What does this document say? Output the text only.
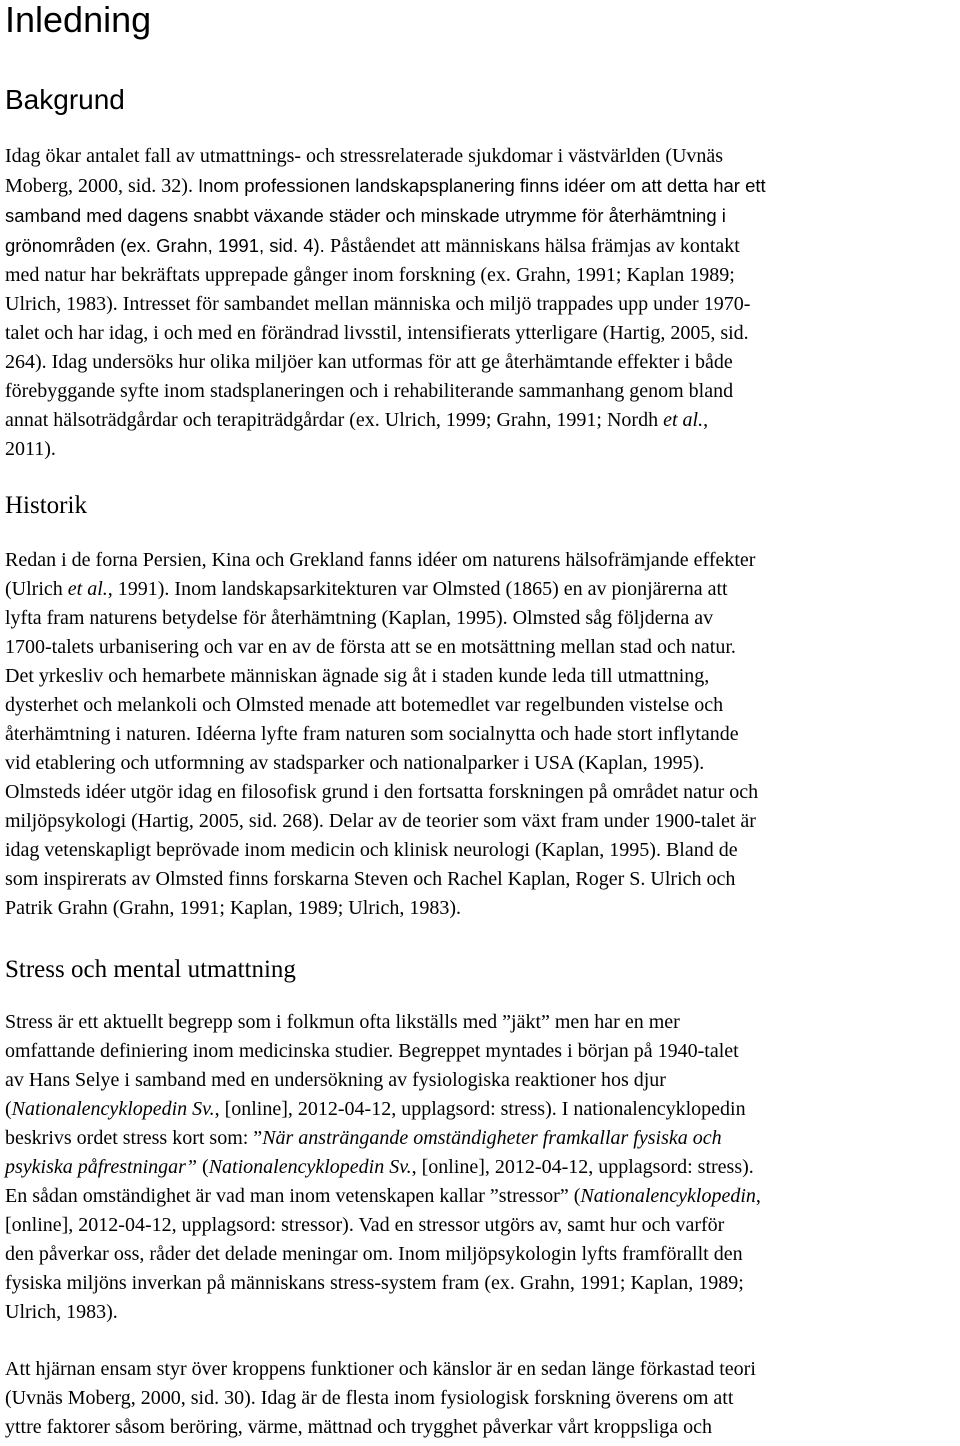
Inledning
Bakgrund
Idag ökar antalet fall av utmattnings- och stressrelaterade sjukdomar i västvärlden (Uvnäs
Moberg, 2000, sid. 32). Inom professionen landskapsplanering finns idéer om att detta har ett
samband med dagens snabbt växande städer och minskade utrymme för återhämtning i
grönområden (ex. Grahn, 1991, sid. 4). Påståendet att människans hälsa främjas av kontakt
med natur har bekräftats upprepade gånger inom forskning (ex. Grahn, 1991; Kaplan 1989;
Ulrich, 1983). Intresset för sambandet mellan människa och miljö trappades upp under 1970-
talet och har idag, i och med en förändrad livsstil, intensifierats ytterligare (Hartig, 2005, sid.
264). Idag undersöks hur olika miljöer kan utformas för att ge återhämtande effekter i både
förebyggande syfte inom stadsplaneringen och i rehabiliterande sammanhang genom bland
annat hälsoträdgårdar och terapiträdgårdar (ex. Ulrich, 1999; Grahn, 1991; Nordh et al.,
2011).
Historik
Redan i de forna Persien, Kina och Grekland fanns idéer om naturens hälsofrämjande effekter
(Ulrich et al., 1991). Inom landskapsarkitekturen var Olmsted (1865) en av pionjärerna att
lyfta fram naturens betydelse för återhämtning (Kaplan, 1995). Olmsted såg följderna av
1700-talets urbanisering och var en av de första att se en motsättning mellan stad och natur.
Det yrkesliv och hemarbete människan ägnade sig åt i staden kunde leda till utmattning,
dysterhet och melankoli och Olmsted menade att botemedlet var regelbunden vistelse och
återhämtning i naturen. Idéerna lyfte fram naturen som socialnytta och hade stort inflytande
vid etablering och utformning av stadsparker och nationalparker i USA (Kaplan, 1995).
Olmsteds idéer utgör idag en filosofisk grund i den fortsatta forskningen på området natur och
miljöpsykologi (Hartig, 2005, sid. 268). Delar av de teorier som växt fram under 1900-talet är
idag vetenskapligt beprövade inom medicin och klinisk neurologi (Kaplan, 1995). Bland de
som inspirerats av Olmsted finns forskarna Steven och Rachel Kaplan, Roger S. Ulrich och
Patrik Grahn (Grahn, 1991; Kaplan, 1989; Ulrich, 1983).
Stress och mental utmattning
Stress är ett aktuellt begrepp som i folkmun ofta likställs med ”jäkt” men har en mer
omfattande definiering inom medicinska studier. Begreppet myntades i början på 1940-talet
av Hans Selye i samband med en undersökning av fysiologiska reaktioner hos djur
(Nationalencyklopedin Sv., [online], 2012-04-12, upplagsord: stress). I nationalencyklopedin
beskrivs ordet stress kort som: ”När ansträngande omständigheter framkallar fysiska och
psykiska påfrestningar” (Nationalencyklopedin Sv., [online], 2012-04-12, upplagsord: stress).
En sådan omständighet är vad man inom vetenskapen kallar ”stressor” (Nationalencyklopedin,
[online], 2012-04-12, upplagsord: stressor). Vad en stressor utgörs av, samt hur och varför
den påverkar oss, råder det delade meningar om. Inom miljöpsykologin lyfts framförallt den
fysiska miljöns inverkan på människans stress-system fram (ex. Grahn, 1991; Kaplan, 1989;
Ulrich, 1983).
Att hjärnan ensam styr över kroppens funktioner och känslor är en sedan länge förkastad teori
(Uvnäs Moberg, 2000, sid. 30). Idag är de flesta inom fysiologisk forskning överens om att
yttre faktorer såsom beröring, värme, mättnad och trygghet påverkar vårt kroppsliga och
